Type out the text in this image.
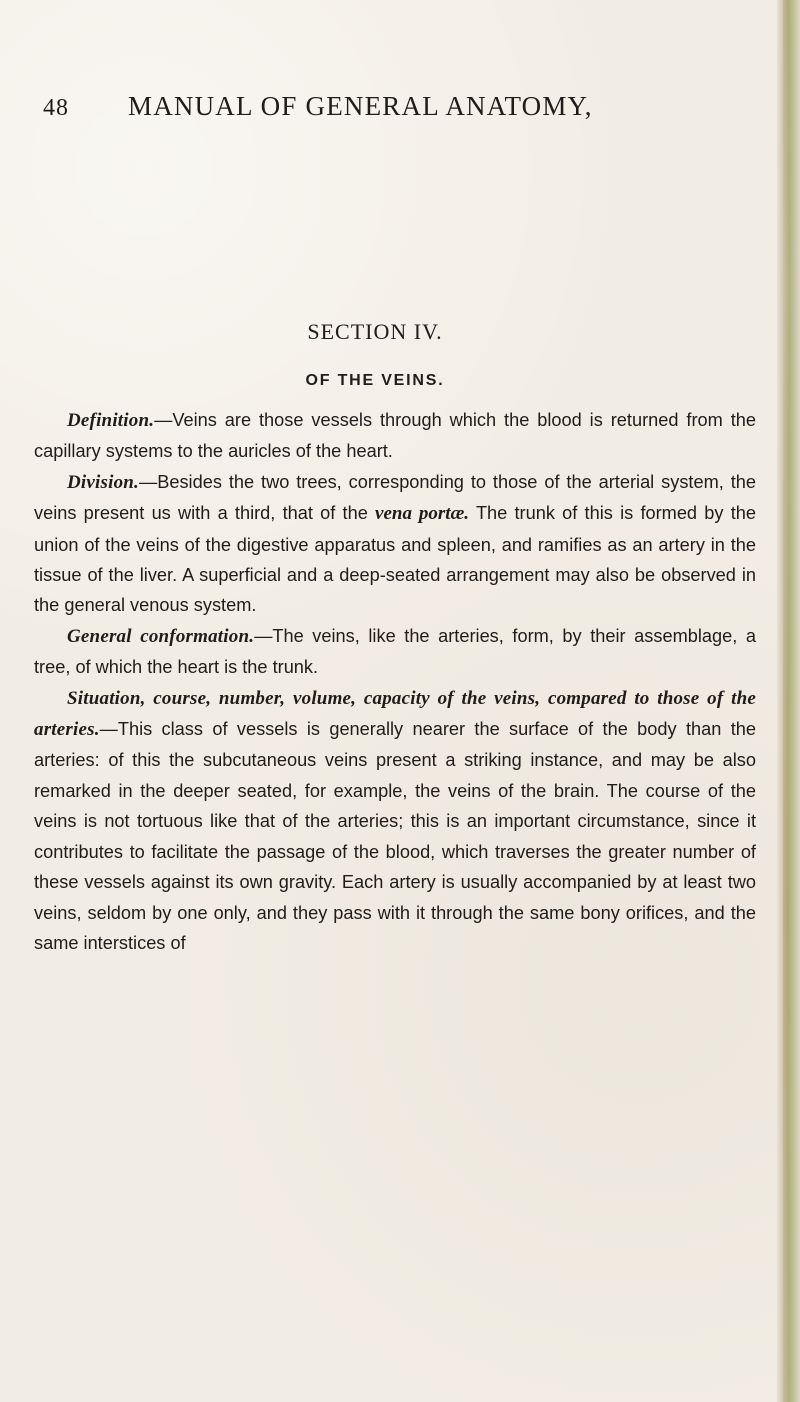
48 MANUAL OF GENERAL ANATOMY,
SECTION IV.
OF THE VEINS.

Definition.—Veins are those vessels through which the blood is returned from the capillary systems to the auricles of the heart.

Division.—Besides the two trees, corresponding to those of the arterial system, the veins present us with a third, that of the vena portæ. The trunk of this is formed by the union of the veins of the digestive apparatus and spleen, and ramifies as an artery in the tissue of the liver. A superficial and a deep-seated arrangement may also be observed in the general venous system.

General conformation.—The veins, like the arteries, form, by their assemblage, a tree, of which the heart is the trunk.

Situation, course, number, volume, capacity of the veins, compared to those of the arteries.—This class of vessels is generally nearer the surface of the body than the arteries: of this the subcutaneous veins present a striking instance, and may be also remarked in the deeper seated, for example, the veins of the brain. The course of the veins is not tortuous like that of the arteries; this is an important circumstance, since it contributes to facilitate the passage of the blood, which traverses the greater number of these vessels against its own gravity. Each artery is usually accompanied by at least two veins, seldom by one only, and they pass with it through the same bony orifices, and the same interstices of
